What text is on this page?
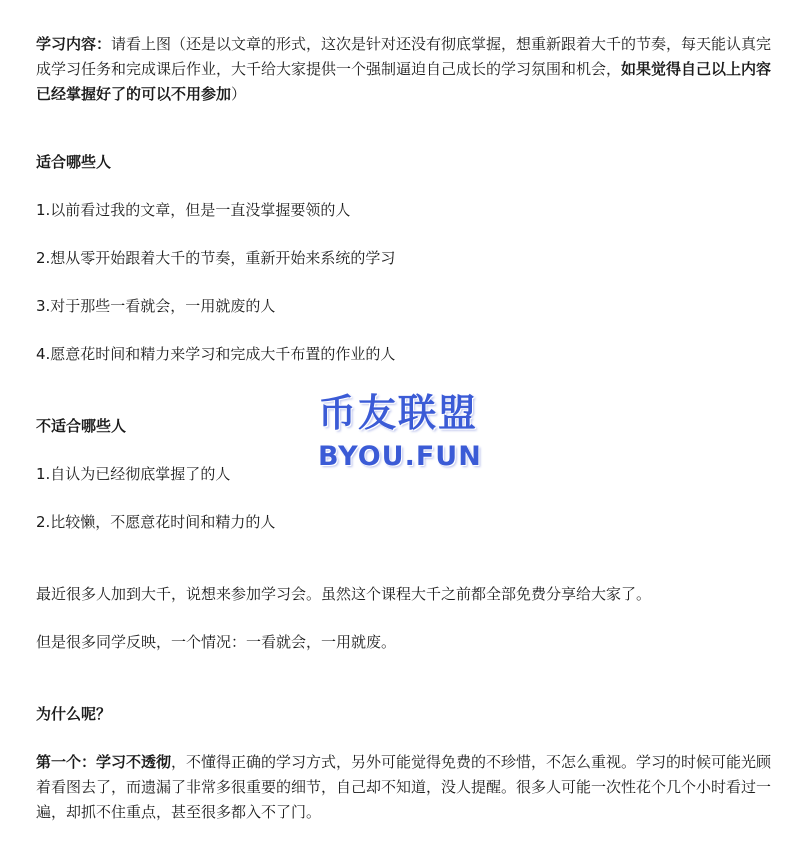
学习内容：请看上图（还是以文章的形式，这次是针对还没有彻底掌握，想重新跟着大千的节奏，每天能认真完成学习任务和完成课后作业，大千给大家提供一个强制逼迫自己成长的学习氛围和机会，如果觉得自己以上内容已经掌握好了的可以不用参加）

适合哪些人

1.以前看过我的文章，但是一直没掌握要领的人

2.想从零开始跟着大千的节奏，重新开始来系统的学习

3.对于那些一看就会，一用就废的人

4.愿意花时间和精力来学习和完成大千布置的作业的人

不适合哪些人

1.自认为已经彻底掌握了的人

2.比较懒，不愿意花时间和精力的人

最近很多人加到大千，说想来参加学习会。虽然这个课程大千之前都全部免费分享给大家了。

但是很多同学反映，一个情况：一看就会，一用就废。

为什么呢？

第一个：学习不透彻，不懂得正确的学习方式，另外可能觉得免费的不珍惜，不怎么重视。学习的时候可能光顾着看图去了，而遗漏了非常多很重要的细节，自己却不知道，没人提醒。很多人可能一次性花个几个小时看过一遍，却抓不住重点，甚至很多都入不了门。

币友联盟
BYOU.FUN
